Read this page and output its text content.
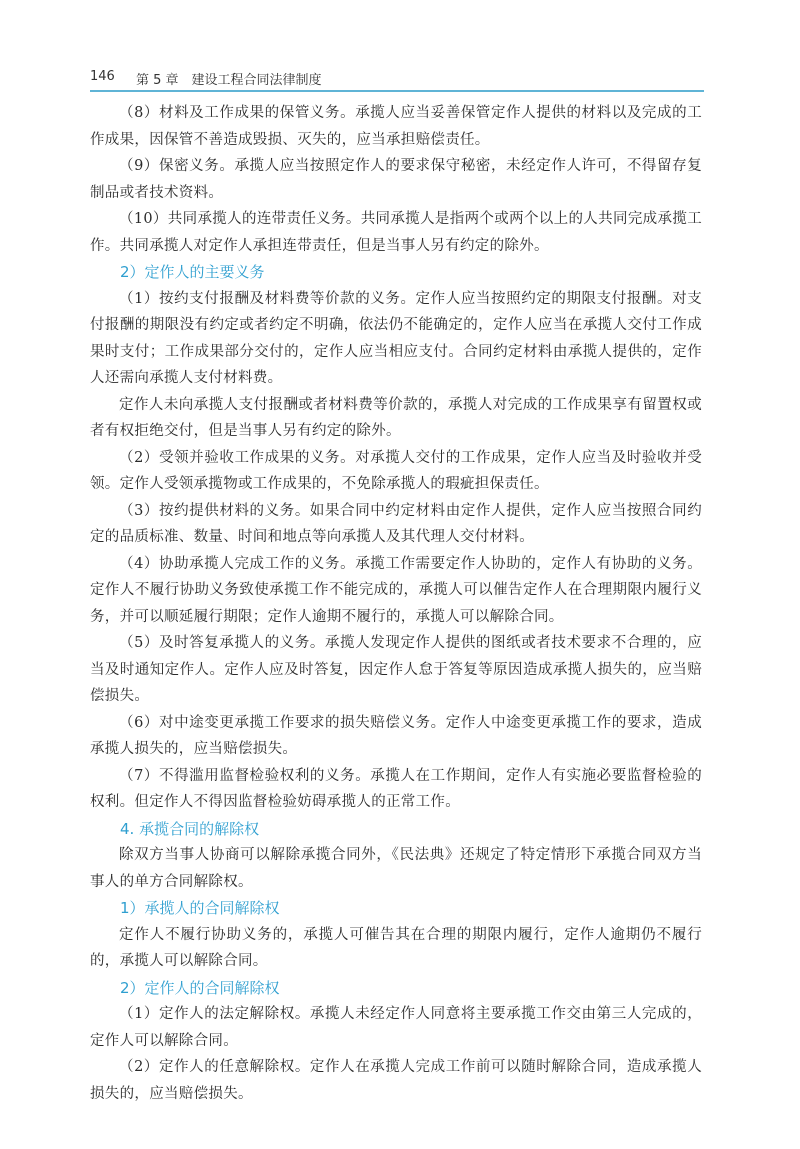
146 第 5 章　建设工程合同法律制度

（8）材料及工作成果的保管义务。承揽人应当妥善保管定作人提供的材料以及完成的工作成果，因保管不善造成毁损、灭失的，应当承担赔偿责任。

（9）保密义务。承揽人应当按照定作人的要求保守秘密，未经定作人许可，不得留存复制品或者技术资料。

（10）共同承揽人的连带责任义务。共同承揽人是指两个或两个以上的人共同完成承揽工作。共同承揽人对定作人承担连带责任，但是当事人另有约定的除外。

2）定作人的主要义务

（1）按约支付报酬及材料费等价款的义务。定作人应当按照约定的期限支付报酬。对支付报酬的期限没有约定或者约定不明确，依法仍不能确定的，定作人应当在承揽人交付工作成果时支付；工作成果部分交付的，定作人应当相应支付。合同约定材料由承揽人提供的，定作人还需向承揽人支付材料费。

定作人未向承揽人支付报酬或者材料费等价款的，承揽人对完成的工作成果享有留置权或者有权拒绝交付，但是当事人另有约定的除外。

（2）受领并验收工作成果的义务。对承揽人交付的工作成果，定作人应当及时验收并受领。定作人受领承揽物或工作成果的，不免除承揽人的瑕疵担保责任。

（3）按约提供材料的义务。如果合同中约定材料由定作人提供，定作人应当按照合同约定的品质标准、数量、时间和地点等向承揽人及其代理人交付材料。

（4）协助承揽人完成工作的义务。承揽工作需要定作人协助的，定作人有协助的义务。定作人不履行协助义务致使承揽工作不能完成的，承揽人可以催告定作人在合理期限内履行义务，并可以顺延履行期限；定作人逾期不履行的，承揽人可以解除合同。

（5）及时答复承揽人的义务。承揽人发现定作人提供的图纸或者技术要求不合理的，应当及时通知定作人。定作人应及时答复，因定作人怠于答复等原因造成承揽人损失的，应当赔偿损失。

（6）对中途变更承揽工作要求的损失赔偿义务。定作人中途变更承揽工作的要求，造成承揽人损失的，应当赔偿损失。

（7）不得滥用监督检验权利的义务。承揽人在工作期间，定作人有实施必要监督检验的权利。但定作人不得因监督检验妨碍承揽人的正常工作。

4. 承揽合同的解除权

除双方当事人协商可以解除承揽合同外，《民法典》还规定了特定情形下承揽合同双方当事人的单方合同解除权。

1）承揽人的合同解除权

定作人不履行协助义务的，承揽人可催告其在合理的期限内履行，定作人逾期仍不履行的，承揽人可以解除合同。

2）定作人的合同解除权

（1）定作人的法定解除权。承揽人未经定作人同意将主要承揽工作交由第三人完成的，定作人可以解除合同。

（2）定作人的任意解除权。定作人在承揽人完成工作前可以随时解除合同，造成承揽人损失的，应当赔偿损失。
